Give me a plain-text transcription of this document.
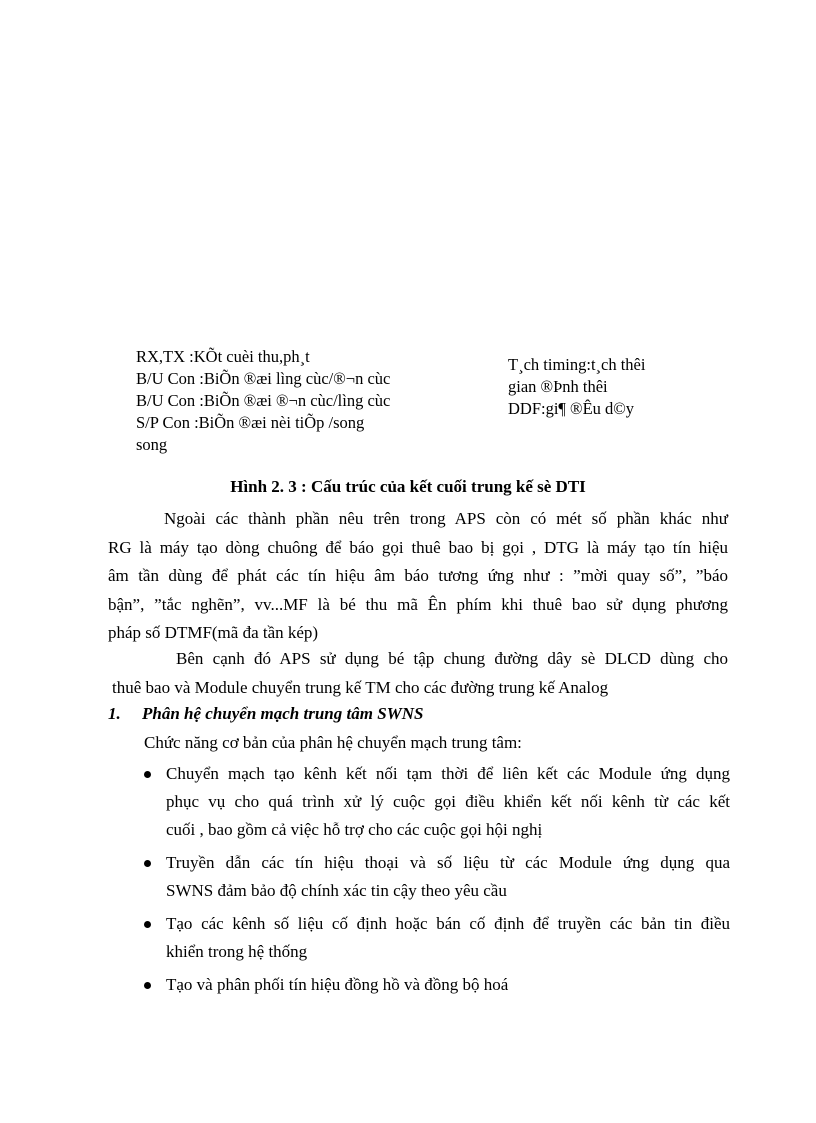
RX,TX :KÕt cuèi thu,ph¸t
B/U Con :BiÕn ®æi lìng cùc/®¬n cùc
B/U Con :BiÕn ®æi ®¬n cùc/lìng cùc
S/P Con :BiÕn ®æi nèi tiÕp /song
song
T¸ch timing:t¸ch thêi
gian ®Þnh thêi
DDF:gi¶ ®Êu d©y
Hình 2. 3 : Cấu trúc của kết cuối trung kế sè DTI
Ngoài các thành phần nêu trên trong APS còn có mét số phần khác như
RG là máy tạo dòng chuông để báo gọi thuê bao bị gọi , DTG là máy tạo tín hiệu
âm tần dùng để phát các tín hiệu âm báo tương ứng như : ”mời quay số”, ”báo
bận”, ”tắc nghẽn”, vv...MF là bé thu mã Ên phím khi thuê bao sử dụng phương
pháp số DTMF(mã đa tần kép)
Bên cạnh đó APS sử dụng bé tập chung đường dây sè DLCD dùng cho
thuê bao và Module chuyển trung kế TM cho các đường trung kế Analog
1. Phân hệ chuyển mạch trung tâm SWNS
Chức năng cơ bản của phân hệ chuyển mạch trung tâm:
Chuyển mạch tạo kênh kết nối tạm thời để liên kết các Module ứng dụng
phục vụ cho quá trình xử lý cuộc gọi điều khiển kết nối kênh từ các kết
cuối , bao gồm cả việc hỗ trợ cho các cuộc gọi hội nghị
Truyền dẫn các tín hiệu thoại và số liệu từ các Module ứng dụng qua
SWNS đảm bảo độ chính xác tin cậy theo yêu cầu
Tạo các kênh số liệu cố định hoặc bán cố định để truyền các bản tin điều
khiển trong hệ thống
Tạo và phân phối tín hiệu đồng hồ và đồng bộ hoá
